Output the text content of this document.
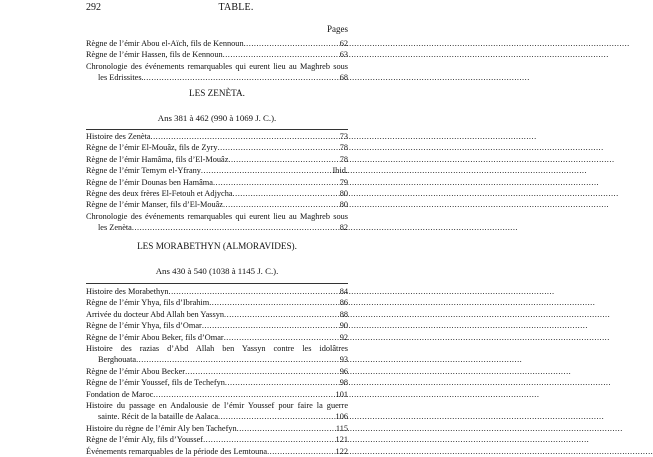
292	TABLE.
Pages
Règne de l’émir Abou el-Aïch, fils de Kennoun .....	62
Règne de l’émir Hassen, fils de Kennoun .....	63
Chronologie des événements remarquables qui eurent lieu au Maghreb sous
les Edrissites. .....	68
LES ZENÈTA.
Ans 381 à 462 (990 à 1069 J. C.).
Histoire des Zenèta .....	73
Règne de l’émir El-Mouâz, fils de Zyry .....	78
Règne de l’émir Hamâma, fils d’El-Mouâz .....	78
Règne de l’émir Temym el-Yfrany .....	Ibid.
Règne de l’émir Dounas ben Hamâma .....	79
Règne des deux frères El-Fetouh et Adjycha .....	80
Règne de l’émir Manser, fils d’El-Mouâz .....	80
Chronologie des événements remarquables qui eurent lieu au Maghreb sous
les Zenèta .....	82
LES MORABETHYN (ALMORAVIDES).
Ans 430 à 540 (1038 à 1145 J. C.).
Histoire des Morabethyn .....	84
Règne de l’émir Yhya, fils d’Ibrahim .....	86
Arrivée du docteur Abd Allah ben Yassyn .....	88
Règne de l’émir Yhya, fils d’Omar .....	90
Règne de l’émir Abou Beker, fils d’Omar .....	92
Histoire des razias d’Abd Allah ben Yassyn contre les idolâtres
Berghouata .....	93
Règne de l’émir Abou Becker .....	96
Règne de l’émir Youssef, fils de Techefyn .....	98
Fondation de Maroc .....	101
Histoire du passage en Andalousie de l’émir Youssef pour faire la guerre
sainte. Récit de la bataille de Aalaca .....	106
Histoire du règne de l’émir Aly ben Tachefyn .....	115
Règne de l’émir Aly, fils d’Youssef .....	121
Événements remarquables de la période des Lemtouna .....	122
